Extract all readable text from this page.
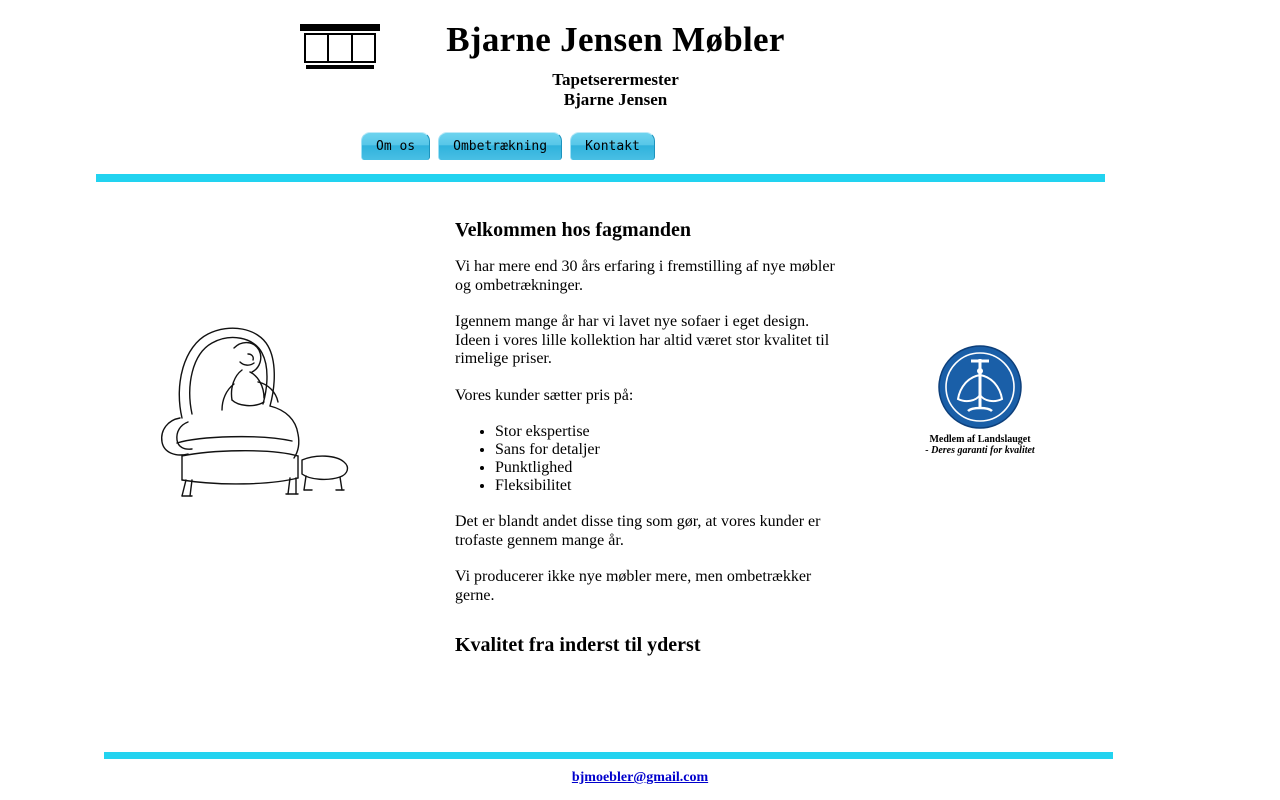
Bjarne Jensen Møbler
Tapetserermester
Bjarne Jensen
Om os	Ombetrækning	Kontakt
Velkommen hos fagmanden

Vi har mere end 30 års erfaring i fremstilling af nye møbler og ombetrækninger.

Igennem mange år har vi lavet nye sofaer i eget design. Ideen i vores lille kollektion har altid været stor kvalitet til rimelige priser.

Vores kunder sætter pris på:

• Stor ekspertise
• Sans for detaljer
• Punktlighed
• Fleksibilitet

Det er blandt andet disse ting som gør, at vores kunder er trofaste gennem mange år.

Vi producerer ikke nye møbler mere, men ombetrækker gerne.

Kvalitet fra inderst til yderst
Medlem af Landslauget
- Deres garanti for kvalitet
bjmoebler@gmail.com
